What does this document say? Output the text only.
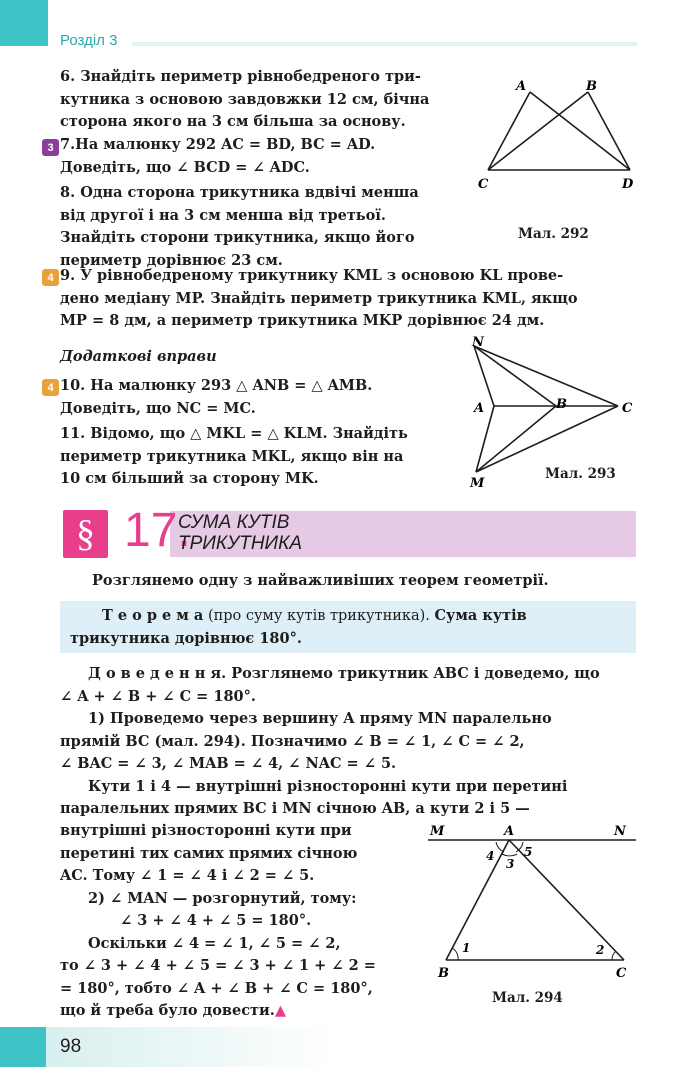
Розділ 3
6. Знайдіть периметр рівнобедреного три-
кутника з основою завдовжки 12 см, бічна
сторона якого на 3 см більша за основу.
3 7.На малюнку 292 AC = BD, BC = AD.
Доведіть, що ∠ BCD = ∠ ADC.
8. Одна сторона трикутника вдвічі менша
від другої і на 3 см менша від третьої.
Знайдіть сторони трикутника, якщо його
периметр дорівнює 23 см.
A	B
C	D
Мал. 292
4 9. У рівнобедреному трикутнику KML з основою KL прове-
дено медіану MP. Знайдіть периметр трикутника KML, якщо
MP = 8 дм, а периметр трикутника MKP дорівнює 24 дм.
Додаткові вправи
4 10. На малюнку 293 △ ANB = △ AMB.
Доведіть, що NC = MC.
11. Відомо, що △ MKL = △ KLM. Знайдіть
периметр трикутника MKL, якщо він на
10 см більший за сторону MK.
N
A	B	C
M
Мал. 293
§ 17.
СУМА КУТІВ
ТРИКУТНИКА
Розглянемо одну з найважливіших теорем геометрії.
Т е о р е м а (про суму кутів трикутника). Сума кутів
трикутника дорівнює 180°.
Д о в е д е н н я. Розглянемо трикутник ABC і доведемо, що
∠ A + ∠ B + ∠ C = 180°.
1) Проведемо через вершину A пряму MN паралельно
прямій BC (мал. 294). Позначимо ∠ B = ∠ 1, ∠ C = ∠ 2,
∠ BAC = ∠ 3, ∠ MAB = ∠ 4, ∠ NAC = ∠ 5.
Кути 1 і 4 — внутрішні різносторонні кути при перетині
паралельних прямих BC і MN січною AB, а кути 2 і 5 —
внутрішні різносторонні кути при
перетині тих самих прямих січною
AC. Тому ∠ 1 = ∠ 4 і ∠ 2 = ∠ 5.
2) ∠ MAN — розгорнутий, тому:
∠ 3 + ∠ 4 + ∠ 5 = 180°.
Оскільки ∠ 4 = ∠ 1, ∠ 5 = ∠ 2,
то ∠ 3 + ∠ 4 + ∠ 5 = ∠ 3 + ∠ 1 + ∠ 2 =
= 180°, тобто ∠ A + ∠ B + ∠ C = 180°,
що й треба було довести.▲
M	A	N
B	C
1	2
3
4 5
Мал. 294
98
